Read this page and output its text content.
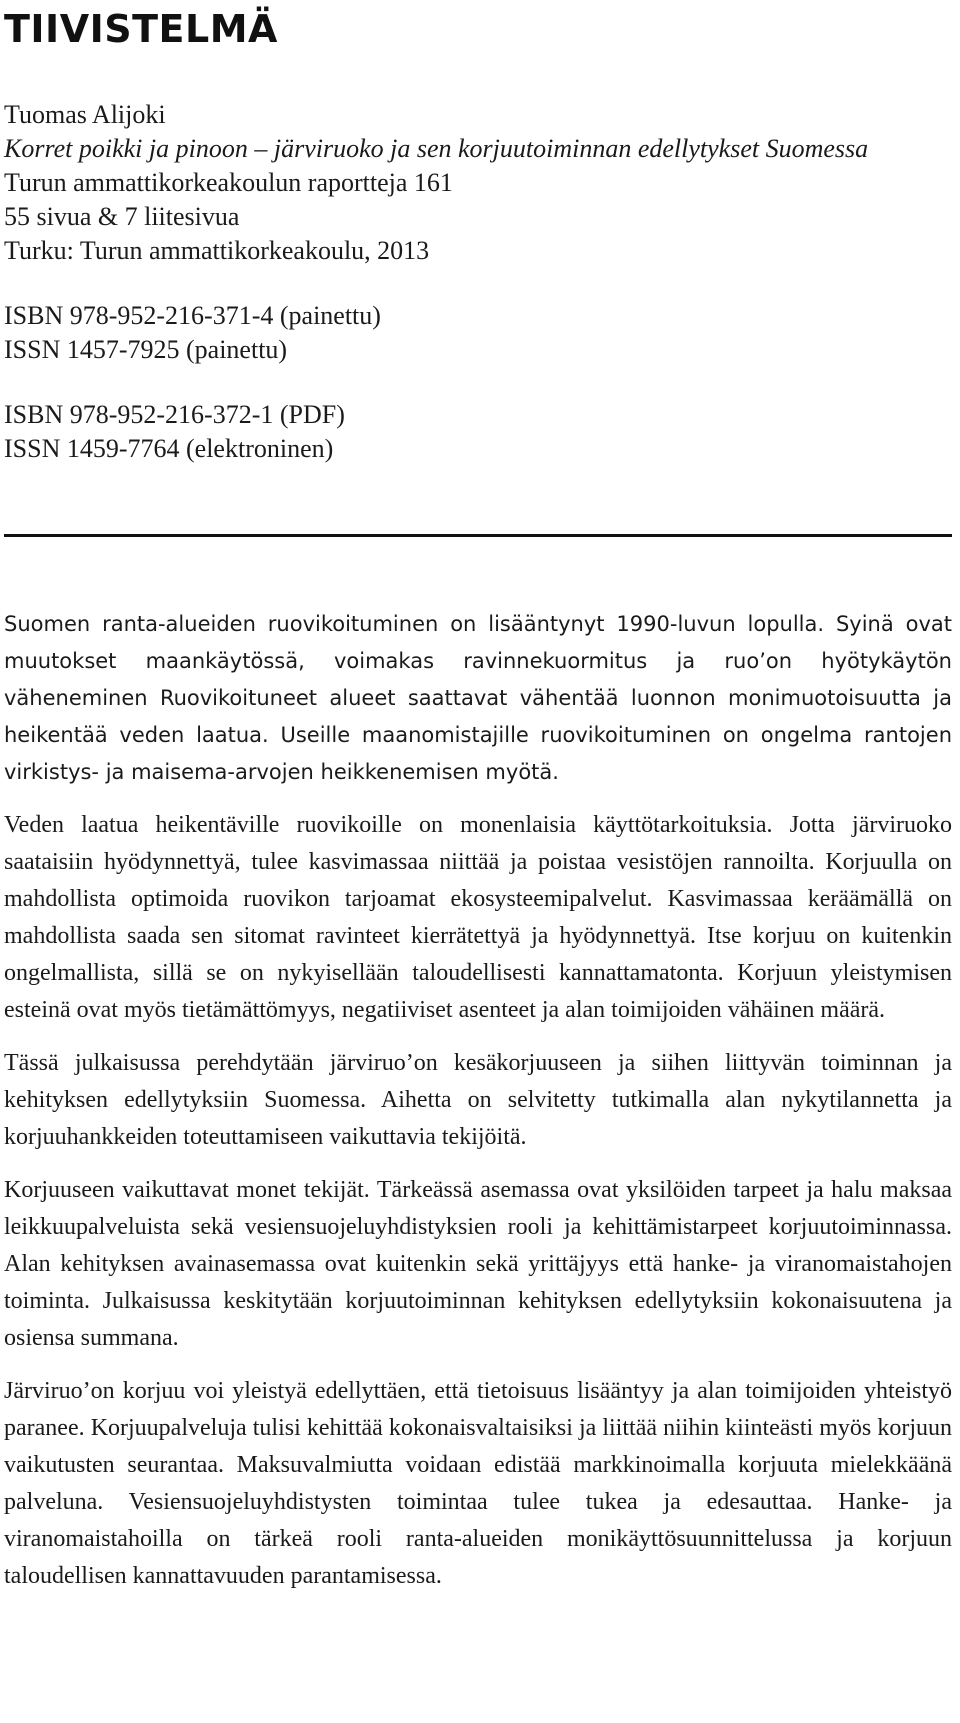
TIIVISTELMÄ
Tuomas Alijoki
Korret poikki ja pinoon – järviruoko ja sen korjuutoiminnan edellytykset Suomessa
Turun ammattikorkeakoulun raportteja 161
55 sivua & 7 liitesivua
Turku: Turun ammattikorkeakoulu, 2013
ISBN 978-952-216-371-4 (painettu)
ISSN 1457-7925 (painettu)
ISBN 978-952-216-372-1 (PDF)
ISSN 1459-7764 (elektroninen)

Suomen ranta-alueiden ruovikoituminen on lisääntynyt 1990-luvun lopulla. Syinä ovat muutokset maankäytössä, voimakas ravinnekuormitus ja ruo’on hyötykäytön väheneminen Ruovikoituneet alueet saattavat vähentää luonnon monimuotoisuutta ja heikentää veden laatua. Useille maanomistajille ruovikoituminen on ongelma rantojen virkistys- ja maisema-arvojen heikkenemisen myötä.

Veden laatua heikentäville ruovikoille on monenlaisia käyttötarkoituksia. Jotta järviruoko saataisiin hyödynnettyä, tulee kasvimassaa niittää ja poistaa vesistöjen rannoilta. Korjuulla on mahdollista optimoida ruovikon tarjoamat ekosysteemipalvelut. Kasvimassaa keräämällä on mahdollista saada sen sitomat ravinteet kierrätettyä ja hyödynnettyä. Itse korjuu on kuitenkin ongelmallista, sillä se on nykyisellään taloudellisesti kannattamatonta. Korjuun yleistymisen esteinä ovat myös tietämättömyys, negatiiviset asenteet ja alan toimijoiden vähäinen määrä.

Tässä julkaisussa perehdytään järviruo’on kesäkorjuuseen ja siihen liittyvän toiminnan ja kehityksen edellytyksiin Suomessa. Aihetta on selvitetty tutkimalla alan nykytilannetta ja korjuuhankkeiden toteuttamiseen vaikuttavia tekijöitä.

Korjuuseen vaikuttavat monet tekijät. Tärkeässä asemassa ovat yksilöiden tarpeet ja halu maksaa leikkuupalveluista sekä vesiensuojeluyhdistyksien rooli ja kehittämistarpeet korjuutoiminnassa. Alan kehityksen avainasemassa ovat kuitenkin sekä yrittäjyys että hanke- ja viranomaistahojen toiminta. Julkaisussa keskitytään korjuutoiminnan kehityksen edellytyksiin kokonaisuutena ja osiensa summana.

Järviruo’on korjuu voi yleistyä edellyttäen, että tietoisuus lisääntyy ja alan toimijoiden yhteistyö paranee. Korjuupalveluja tulisi kehittää kokonaisvaltaisiksi ja liittää niihin kiinteästi myös korjuun vaikutusten seurantaa. Maksuvalmiutta voidaan edistää markkinoimalla korjuuta mielekkäänä palveluna. Vesiensuojeluyhdistysten toimintaa tulee tukea ja edesauttaa. Hanke- ja viranomaistahoilla on tärkeä rooli ranta-alueiden monikäyttösuunnittelussa ja korjuun taloudellisen kannattavuuden parantamisessa.
